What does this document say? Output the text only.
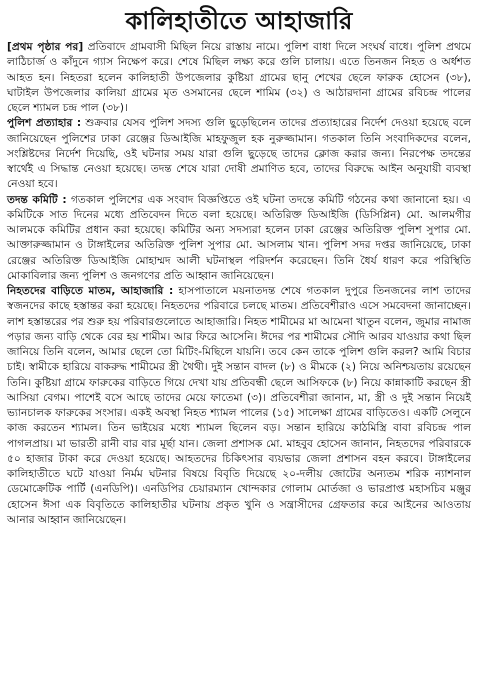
কালিহাতীতে আহাজারি

[প্রথম পৃষ্ঠার পর] প্রতিবাদে গ্রামবাসী মিছিল নিয়ে রাস্তায় নামে। পুলিশ বাধা দিলে সংঘর্ষ বাধে। পুলিশ প্রথমে লাঠিচার্জ ও কাঁদুনে গ্যাস নিক্ষেপ করে। শেষে মিছিল লক্ষ্য করে গুলি চালায়। এতে তিনজন নিহত ও অর্ধশত আহত হন। নিহতরা হলেন কালিহাতী উপজেলার কুষ্টিয়া গ্রামের ছানু শেখের ছেলে ফারুক হোসেন (৩৮), ঘাটাইল উপজেলার কালিয়া গ্রামের মৃত ওসমানের ছেলে শামিম (৩২) ও আঠারদানা গ্রামের রবিচন্দ্র পালের ছেলে শ্যামল চন্দ্র পাল (৩৮)।

পুলিশ প্রত্যাহার : শুক্রবার যেসব পুলিশ সদস্য গুলি ছুড়েছিলেন তাদের প্রত্যাহারের নির্দেশ দেওয়া হয়েছে বলে জানিয়েছেন পুলিশের ঢাকা রেঞ্জের ডিআইজি মাহফুজুল হক নুরুজ্জামান। গতকাল তিনি সংবাদিকদের বলেন, সংশ্লিষ্টদের নির্দেশ দিয়েছি, ওই ঘটনার সময় যারা গুলি ছুড়েছে তাদের ক্লোজ করার জন্য। নিরপেক্ষ তদন্তের স্বার্থেই এ সিদ্ধান্ত নেওয়া হয়েছে। তদন্ত শেষে যারা দোষী প্রমাণিত হবে, তাদের বিরুদ্ধে আইন অনুযায়ী ব্যবস্থা নেওয়া হবে।

তদন্ত কমিটি : গতকাল পুলিশের এক সংবাদ বিজ্ঞপ্তিতে ওই ঘটনা তদন্তে কমিটি গঠনের কথা জানানো হয়। এ কমিটিকে সাত দিনের মধ্যে প্রতিবেদন দিতে বলা হয়েছে। অতিরিক্ত ডিআইজি (ডিসিপ্লিন) মো. আলমগীর আলমকে কমিটির প্রধান করা হয়েছে। কমিটির অন্য সদস্যরা হলেন ঢাকা রেঞ্জের অতিরিক্ত পুলিশ সুপার মো. আক্তারুজ্জামান ও টাঙ্গাইলের অতিরিক্ত পুলিশ সুপার মো. আসলাম খান। পুলিশ সদর দপ্তর জানিয়েছে, ঢাকা রেঞ্জের অতিরিক্ত ডিআইজি মোহাম্মদ আলী ঘটনাস্থল পরিদর্শন করেছেন। তিনি ধৈর্য ধারণ করে পরিস্থিতি মোকাবিলার জন্য পুলিশ ও জনগণের প্রতি আহ্বান জানিয়েছেন।

নিহতদের বাড়িতে মাতম, আহাজারি : হাসপাতালে ময়নাতদন্ত শেষে গতকাল দুপুরে তিনজনের লাশ তাদের স্বজনদের কাছে হস্তান্তর করা হয়েছে। নিহতদের পরিবারে চলছে মাতম। প্রতিবেশীরাও এসে সমবেদনা জানাচ্ছেন। লাশ হস্তান্তরের পর শুরু হয় পরিবারগুলোতে আহাজারি। নিহত শামীমের মা আমেনা খাতুন বলেন, জুমার নামাজ পড়ার জন্য বাড়ি থেকে বের হয় শামীম। আর ফিরে আসেনি। ঈদের পর শামীমের সৌদি আরব যাওয়ার কথা ছিল জানিয়ে তিনি বলেন, আমার ছেলে তো মিটিং-মিছিলে যায়নি। তবে কেন তাকে পুলিশ গুলি করল? আমি বিচার চাই। স্বামীকে হারিয়ে বাকরুদ্ধ শামীমের স্ত্রী থৈথী। দুই সন্তান বাদল (৮) ও মীমকে (২) নিয়ে অনিশ্চয়তায় রয়েছেন তিনি। কুষ্টিয়া গ্রামে ফারুকের বাড়িতে গিয়ে দেখা যায় প্রতিবন্ধী ছেলে আসিফকে (৮) নিয়ে কান্নাকাটি করছেন স্ত্রী আসিয়া বেগম। পাশেই বসে আছে তাদের মেয়ে ফাতেমা (৩)। প্রতিবেশীরা জানান, মা, স্ত্রী ও দুই সন্তান নিয়েই ভ্যানচালক ফারুকের সংসার। একই অবস্থা নিহত শ্যামল পালের (১৫) সালেক্ষা গ্রামের বাড়িতেও। একটি সেলুনে কাজ করতেন শ্যামল। তিন ভাইয়ের মধ্যে শ্যামল ছিলেন বড়। সন্তান হারিয়ে কাঠমিস্ত্রি বাবা রবিচন্দ্র পাল পাগলপ্রায়। মা ভারতী রানী বার বার মূর্ছা যান। জেলা প্রশাসক মো. মাহবুব হোসেন জানান, নিহতদের পরিবারকে ৫০ হাজার টাকা করে দেওয়া হয়েছে। আহতদের চিকিৎসার ব্যয়ভার জেলা প্রশাসন বহন করবে। টাঙ্গাইলের কালিহাতীতে ঘটে যাওয়া নির্মম ঘটনার বিষয়ে বিবৃতি দিয়েছে ২০-দলীয় জোটের অন্যতম শরিক ন্যাশনাল ডেমোক্রেটিক পার্টি (এনডিপি)। এনডিপির চেয়ারম্যান খোন্দকার গোলাম মোর্তজা ও ভারপ্রাপ্ত মহাসচিব মঞ্জুর হোসেন ঈসা এক বিবৃতিতে কালিহাতীর ঘটনায় প্রকৃত খুনি ও সন্ত্রাসীদের গ্রেফতার করে আইনের আওতায় আনার আহ্বান জানিয়েছেন।
